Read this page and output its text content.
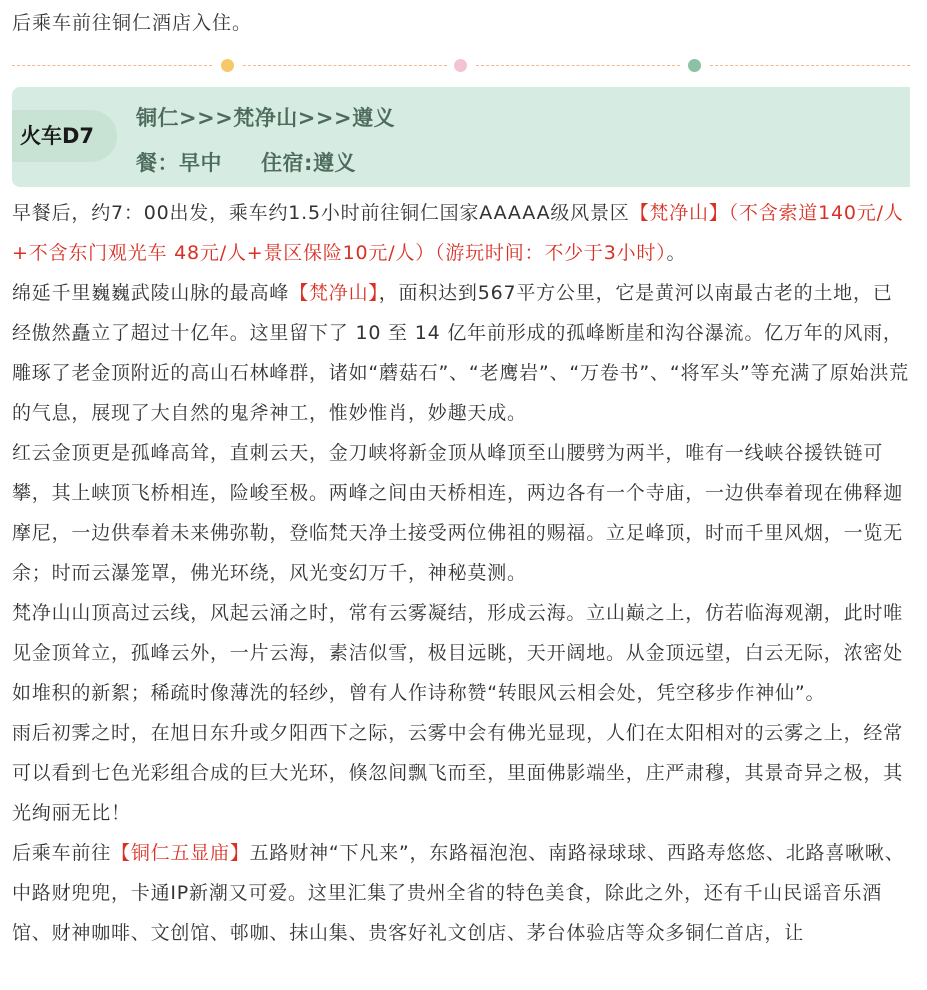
后乘车前往铜仁酒店入住。
火车D7
铜仁>>>梵净山>>>遵义
餐：早中     住宿:遵义

早餐后，约7：00出发，乘车约1.5小时前往铜仁国家AAAAA级风景区【梵净山】（不含索道140元/人+不含东门观光车 48元/人+景区保险10元/人）（游玩时间：不少于3小时）。

绵延千里巍巍武陵山脉的最高峰【梵净山】，面积达到567平方公里，它是黄河以南最古老的土地，已经傲然矗立了超过十亿年。这里留下了 10 至 14 亿年前形成的孤峰断崖和沟谷瀑流。亿万年的风雨，雕琢了老金顶附近的高山石林峰群，诸如“蘑菇石”、“老鹰岩”、“万卷书”、“将军头”等充满了原始洪荒的气息，展现了大自然的鬼斧神工，惟妙惟肖，妙趣天成。

红云金顶更是孤峰高耸，直刺云天，金刀峡将新金顶从峰顶至山腰劈为两半，唯有一线峡谷援铁链可攀，其上峡顶飞桥相连，险峻至极。两峰之间由天桥相连，两边各有一个寺庙，一边供奉着现在佛释迦摩尼，一边供奉着未来佛弥勒，登临梵天净土接受两位佛祖的赐福。立足峰顶，时而千里风烟，一览无余；时而云瀑笼罩，佛光环绕，风光变幻万千，神秘莫测。

梵净山山顶高过云线，风起云涌之时，常有云雾凝结，形成云海。立山巅之上，仿若临海观潮，此时唯见金顶耸立，孤峰云外，一片云海，素洁似雪，极目远眺，天开阔地。从金顶远望，白云无际，浓密处如堆积的新絮；稀疏时像薄洗的轻纱，曾有人作诗称赞“转眼风云相会处，凭空移步作神仙”。

雨后初霁之时，在旭日东升或夕阳西下之际，云雾中会有佛光显现，人们在太阳相对的云雾之上，经常可以看到七色光彩组合成的巨大光环，倏忽间飘飞而至，里面佛影端坐，庄严肃穆，其景奇异之极，其光绚丽无比！

后乘车前往【铜仁五显庙】五路财神“下凡来”，东路福泡泡、南路禄球球、西路寿悠悠、北路喜啾啾、中路财兜兜，卡通IP新潮又可爱。这里汇集了贵州全省的特色美食，除此之外，还有千山民谣音乐酒馆、财神咖啡、文创馆、邨咖、抹山集、贵客好礼文创店、茅台体验店等众多铜仁首店，让
